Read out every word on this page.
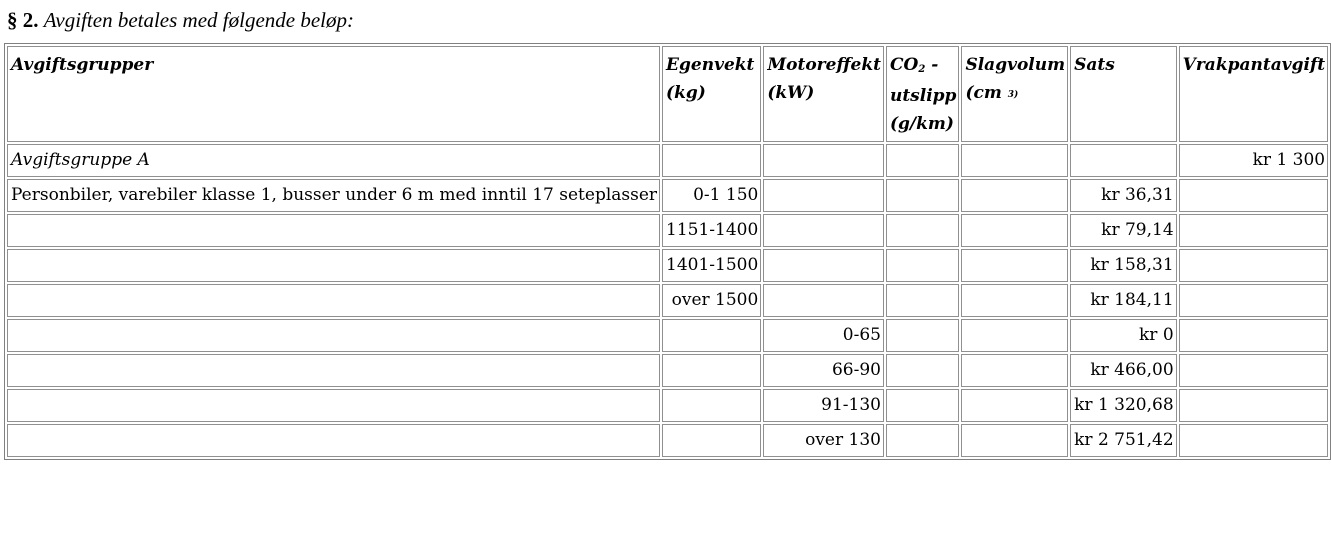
§ 2. Avgiften betales med følgende beløp:
Avgiftsgrupper	Egenvekt (kg)	Motoreffekt (kW)	CO2 - utslipp (g/km)	Slagvolum (cm $^{3)}$	Sats	Vrakpantavgift
Avgiftsgruppe A						kr 1 300
Personbiler, varebiler klasse 1, busser under 6 m med inntil 17 seteplasser	0-1 150				kr 36,31	
	1151-1400				kr 79,14	
	1401-1500				kr 158,31	
	over 1500				kr 184,11	
		0-65			kr 0	
		66-90			kr 466,00	
		91-130			kr 1 320,68	
		over 130			kr 2 751,42	
